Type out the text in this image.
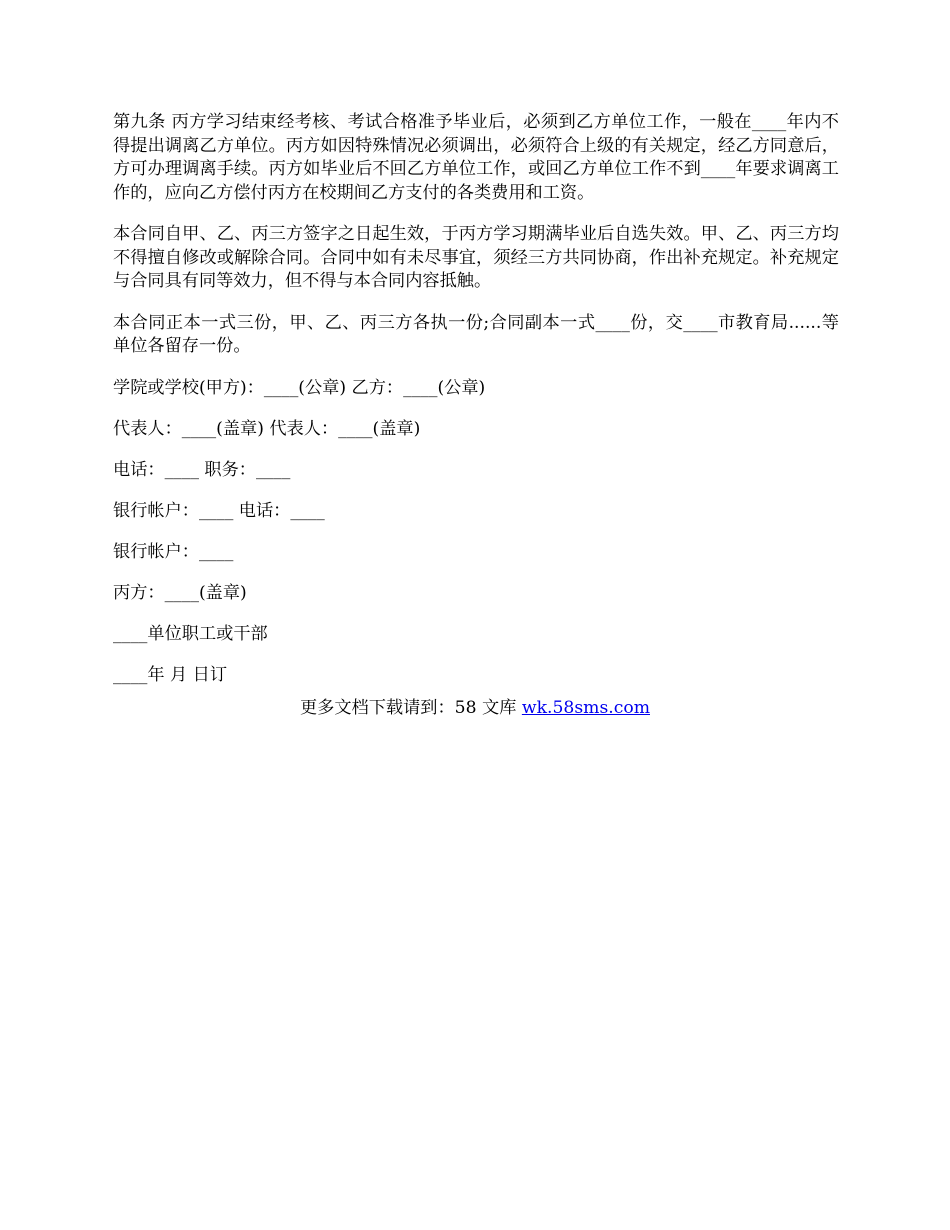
第九条 丙方学习结束经考核、考试合格准予毕业后，必须到乙方单位工作，一般在____年内不得提出调离乙方单位。丙方如因特殊情况必须调出，必须符合上级的有关规定，经乙方同意后，方可办理调离手续。丙方如毕业后不回乙方单位工作，或回乙方单位工作不到____年要求调离工作的，应向乙方偿付丙方在校期间乙方支付的各类费用和工资。

本合同自甲、乙、丙三方签字之日起生效，于丙方学习期满毕业后自选失效。甲、乙、丙三方均不得擅自修改或解除合同。合同中如有未尽事宜，须经三方共同协商，作出补充规定。补充规定与合同具有同等效力，但不得与本合同内容抵触。

本合同正本一式三份，甲、乙、丙三方各执一份;合同副本一式____份，交____市教育局......等单位各留存一份。

学院或学校(甲方)：____(公章) 乙方：____(公章)
代表人：____(盖章) 代表人：____(盖章)
电话：____ 职务：____
银行帐户：____ 电话：____
银行帐户：____
丙方：____(盖章)
____单位职工或干部
____年 月 日订
更多文档下载请到：58 文库 wk.58sms.com
